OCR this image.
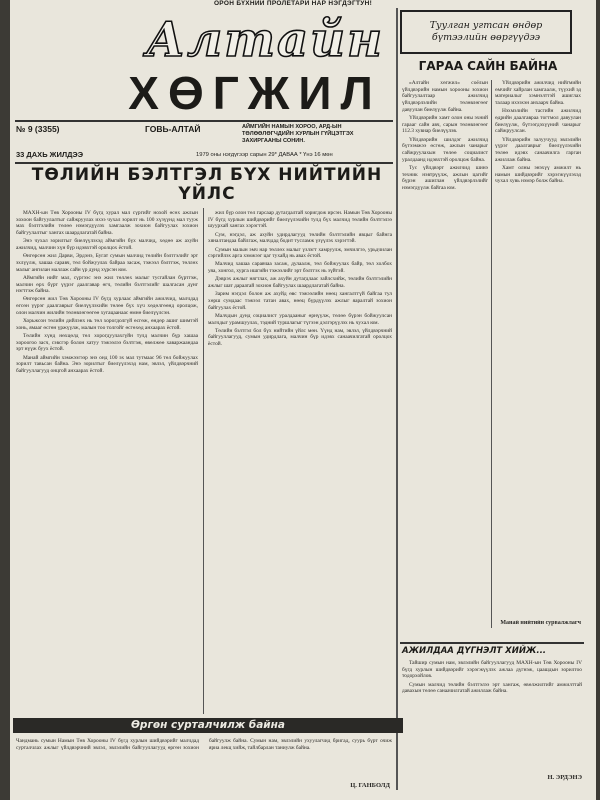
ОРОН БҮХНИЙ ПРОЛЕТАРИ НАР НЭГДЭГТУН!
Алтайн
ХӨГЖИЛ
Туулган угтсан өндөр бүтээлийн өөргүүдээ
№ 9 (3355)	ГОВЬ-АЛТАЙ	АЙМГИЙН НАМЫН ХОРОО, АРД-ЫН ТӨЛӨӨЛӨГЧДИЙН ХУРЛЫН ГҮЙЦЭТГЭХ ЗАХИРГААНЫ СОНИН.
33 ДАХЬ ЖИЛДЭЭ	1979 оны нэгдүгээр сарын 29* ДАВАА * Үнэ 16 мөн
ТӨЛИЙН БЭЛТГЭЛ БҮХ НИЙТИЙН ҮЙЛС

МАХН-ын Төв Хорооны IV бүгд хурал мал сүргийг нохой өсөх ажлын хохоон байгуулалтыг сайжруулах ихээ чухал зорилт нь 100 хүзүүнд мал тууж мах бэлтгэлийн төлөө нэмэгдүүлэх хамгаалж зохион байгуулах зохион байгуулалтыг хангах шаардлагатай байна.

Энэ чухал зорилтыг биелүүлэхэд аймгийн бүх малчид, хөдөө аж ахуйн ажилчид, малчин хүн бүр идэвхтэй оролцох ёстой.

Өнгөрсөн жил Дарви, Эрдэнэ, Бугат сумын малчид төлийн бэлтгэлийг эрт эхлүүлж, хашаа саравч, төл бойжуулах байраа засаж, тэжээл бэлтгэж, төллөх малыг ангилан маллаж сайн үр дүнд хүрсэн юм.

Аймгийн нийт мал, сүргээс энэ жил төллөх малыг тусгайлан бүртгэж, малчин өрх бүрт үүрэг даалгавар өгч, төлийн бэлтгэлийг шалгасан дүнг нэгтгэж байна.

Өнгөрсөн жил Төв Хорооны IV бүгд хурлаас аймгийн ажилчид, малчдад өгсөн үүрэг даалгаврыг биелүүлэхийн төлөө бүх хүч хөдөлгөөнд оролцож, олон малчин жилийн төлөвлөгөөгөө хугацаанаас өмнө биелүүлсэн.

Хорьжсон төлийн дийлэнх нь төл хорогдолгүй өсгөж, өндөр ашиг шимтэй хонь, ямааг өсгөн үржүүлж, малын тоо толгойг өсгөхөд анхаарах ёстой.

Төлийн хүнд нөхцөлд төл хорогдуулахгүйн тулд малчин бүр хашаа хороогоо засч, сэвсгэр болон хатуу тэжээлээ бэлтгэж, өвөлжөө хаваржаандаа эрт нүүж буух ёстой.

Манай аймгийн хэмжээгээр энэ онд 100 эх мал тутмаас 96 төл бойжуулах зорилт тавьсан байна. Энэ зорилтыг биелүүлэхэд нам, эвлэл, үйлдвэрчний байгууллагууд онцгой анхаарах ёстой.

жил бүр олон төл гарсаар дутагдалтай хоригдож ирсэн. Намын Төв Хорооны IV бүгд хурлын шийдвэрийг биелүүлэхийн тулд бүх малчид төлийн бэлтгэлээ шуурхай хангах хэрэгтэй.

Сум, нэгдэл, аж ахуйн удирдлагууд төлийн бэлтгэлийн явцыг байнга хяналтандаа байлгаж, малчдад бодит тусламж үзүүлэх хэрэгтэй.

Сумын малын эмч нар төллөх малыг үзлэгт хамруулж, эмчилгээ, урьдчилан сэргийлэх арга хэмжээг цаг тухайд нь авах ёстой.

Малчид хашаа саравчаа засаж, дулаалж, төл бойжуулах байр, төл холбох уяа, хонгол, хурга ишгийн тэжээлийг эрт бэлтгэх нь зүйтэй.

Дэврэх ажлыг нягтлах, аж ахуйн дутагдлаас зайлсхийж, төлийн бэлтгэлийн ажлыг шат дараатай зохион байгуулах шаардлагатай байна.

Зарим нэгдэл болон аж ахуйд өвс тэжээлийн нөөц хангалтгүй байгаа тул хөрш сумдаас тэжээл татан авах, нөөц бүрдүүлэх ажлыг яаралтай зохион байгуулах ёстой.

Малчдын дунд социалист уралдааныг өрнүүлж, төлөө бүрэн бойжуулсан малчдыг урамшуулах, тэдний туршлагыг түгээн дэлгэрүүлэх нь чухал юм.

Төлийн бэлтгэл бол бүх нийтийн үйлс мөн. Үүнд нам, эвлэл, үйлдвэрчний байгууллагууд, сумын удирдлага, малчин бүр идэвх санаачилгатай оролцох ёстой.

ГАРАА САЙН БАЙНА

«Алтайн хөгжил» соёлын үйлдвэрийн намын хорооны зохион байгуулалтаар ажилчид үйлдвэрлэлийн төлөвлөгөөг давуулан биелүүлж байна.

Үйлдвэрийн хамт олон оны эхний гарааг сайн авч, сарын төлөвлөгөөг 112.3 хувиар биелүүлэв.

Үйлдвэрийн шилдэг ажилчид бүтээмжээ өсгөж, ажлын чанарыг сайжруулахын төлөө социалист уралдаанд идэвхтэй оролцож байна.

Тус үйлдвэрт ажилчид шинэ техник нэвтрүүлж, ажлын цагийг бүрэн ашиглан үйлдвэрлэлийг нэмэгдүүлж байгаа юм.

Үйлдвэрийн ажилчид нийгмийн өмчийг хайрлан хамгаалж, түүхий эд материалыг хэмнэлттэй ашиглах талаар ихээхэн анхаарч байна.

Нэхмэлийн тасгийн ажилчид өдрийн даалгавраа тогтмол давуулан биелүүлж, бүтээгдэхүүний чанарыг сайжруулсан.

Үйлдвэрийн залуучууд эвлэлийн үүрэг даалгаврыг биелүүлэхийн төлөө идэвх санаачилга гарган ажиллаж байна.

Хамт олны энэхүү амжилт нь намын шийдвэрийг хэрэгжүүлэхэд чухал хувь нэмэр болж байна.

Манай нийтийн сурвалжлагч
АЖИЛДАА ДҮГНЭЛТ ХИЙЖ...

Тайшир сумын нам, эвлэлийн байгууллагууд МАХН-ын Төв Хорооны IV бүгд хурлын шийдвэрийг хэрэгжүүлэх ажлаа дүгнэж, цаашдын зорилтоо тодорхойлов.

Сумын малчид төлийн бэлтгэлээ эрт хангаж, өвөлжилтийг амжилттай давахын төлөө санаачилгатай ажиллаж байна.

Н. ЭРДЭНЭ
Өргөн сурталчилж байна
Чандмань сумын Намын Төв Хорооны IV бүгд хурлын шийдвэрийг малчдад сурталчлах ажлыг үйлдвэрчний эвлэл, эвлэлийн байгууллагууд өргөн зохион байгуулж байна. Сумын нам, эвлэлийн ухуулагчид бригад, суурь бүрт очиж яриа лекц хийж, тайлбарлан таниулж байна.
Ц. ГАНБОЛД
